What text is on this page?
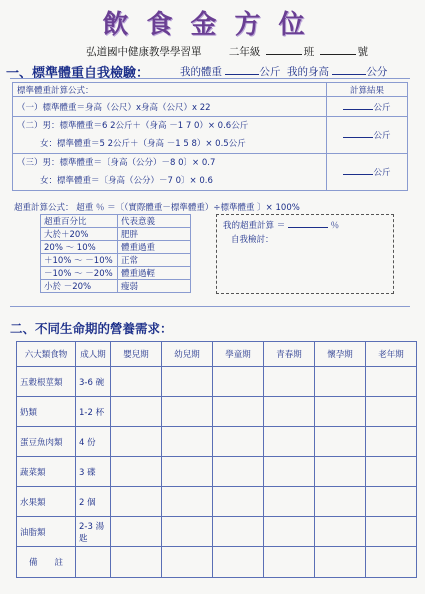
飲食金方位
弘道國中健康教學學習單	二年級	班	號
一、標準體重自我檢驗：	我的體重	公斤 我的身高	公分
標準體重計算公式：	計算結果
（一）標準體重＝身高（公尺）x身高（公尺）x 22	公斤

（二）男：標準體重＝6 2公斤＋（身高 －1 7 0）× 0.6公斤
女：標準體重＝5 2公斤＋（身高 －1 5 8）× 0.5公斤	公斤

（三）男：標準體重＝〔身高（公分）－8 0〕× 0.7
女：標準體重＝〔身高（公分）－7 0〕× 0.6	公斤
超重計算公式： 超重 ％ ＝〔（實際體重－標準體重）÷標準體重 〕× 100%
超重百分比	代表意義
大於＋20%	肥胖
20% ～ 10%	體重過重
＋10% ～ －10%	正常
－10% ～ －20%	體重過輕
小於 －20%	瘦弱
我的超重計算 ＝	％
自我檢討：
二、不同生命期的營養需求：
六大類食物	成人期	嬰兒期	幼兒期	學童期	青春期	懷孕期	老年期
五穀根莖類	3-6 碗						
奶類	1-2 杯						
蛋豆魚肉類	4 份						
蔬菜類	3 碟						
水果類	2 個						
油脂類	2-3 湯匙						
備　　註							
